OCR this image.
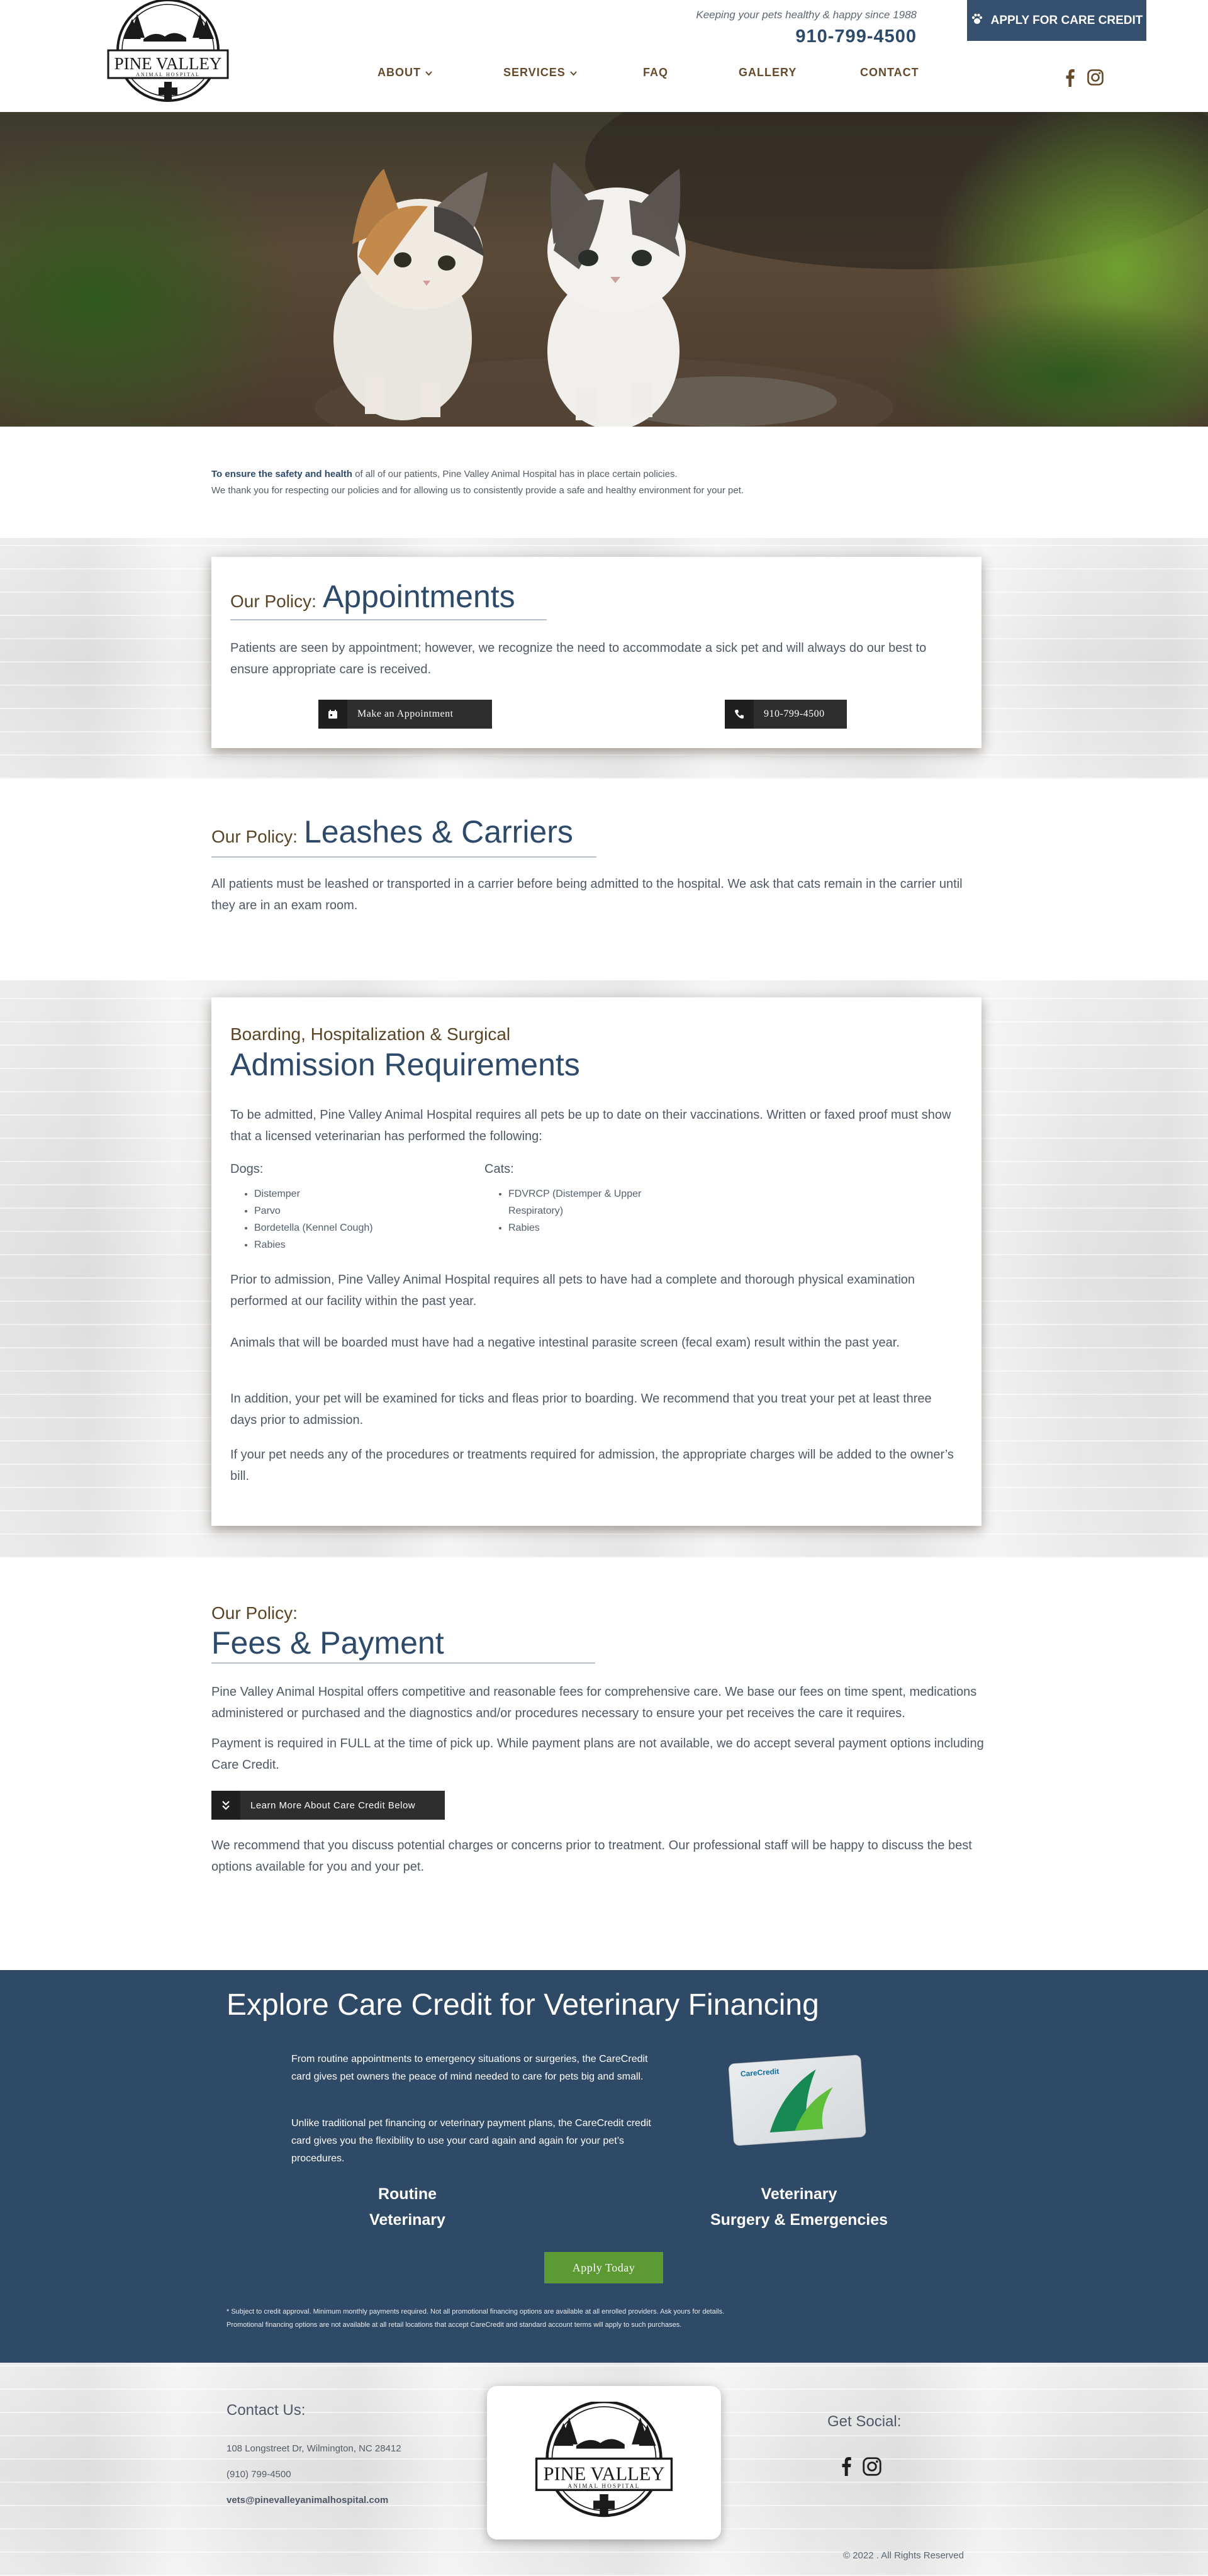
PINE VALLEY
ANIMAL HOSPITAL
Keeping your pets healthy & happy since 1988
910-799-4500
APPLY FOR CARE CREDIT
ABOUT	SERVICES	FAQ	GALLERY	CONTACT
To ensure the safety and health of all of our patients, Pine Valley Animal Hospital has in place certain policies.
We thank you for respecting our policies and for allowing us to consistently provide a safe and healthy environment for your pet.
Our Policy: Appointments
Patients are seen by appointment; however, we recognize the need to accommodate a sick pet and will always do our best to ensure appropriate care is received.
Make an Appointment	910-799-4500
Our Policy: Leashes & Carriers
All patients must be leashed or transported in a carrier before being admitted to the hospital. We ask that cats remain in the carrier until they are in an exam room.
Boarding, Hospitalization & Surgical
Admission Requirements
To be admitted, Pine Valley Animal Hospital requires all pets be up to date on their vaccinations. Written or faxed proof must show that a licensed veterinarian has performed the following:
Dogs:
• Distemper
• Parvo
• Bordetella (Kennel Cough)
• Rabies
Cats:
• FDVRCP (Distemper & Upper Respiratory)
• Rabies
Prior to admission, Pine Valley Animal Hospital requires all pets to have had a complete and thorough physical examination performed at our facility within the past year.
Animals that will be boarded must have had a negative intestinal parasite screen (fecal exam) result within the past year.
In addition, your pet will be examined for ticks and fleas prior to boarding. We recommend that you treat your pet at least three days prior to admission.
If your pet needs any of the procedures or treatments required for admission, the appropriate charges will be added to the owner’s bill.
Our Policy:
Fees & Payment
Pine Valley Animal Hospital offers competitive and reasonable fees for comprehensive care. We base our fees on time spent, medications administered or purchased and the diagnostics and/or procedures necessary to ensure your pet receives the care it requires.
Payment is required in FULL at the time of pick up. While payment plans are not available, we do accept several payment options including Care Credit.
Learn More About Care Credit Below
We recommend that you discuss potential charges or concerns prior to treatment. Our professional staff will be happy to discuss the best options available for you and your pet.
Explore Care Credit for Veterinary Financing
From routine appointments to emergency situations or surgeries, the CareCredit card gives pet owners the peace of mind needed to care for pets big and small.
Unlike traditional pet financing or veterinary payment plans, the CareCredit credit card gives you the flexibility to use your card again and again for your pet’s procedures.
CareCredit
Routine
Veterinary
Veterinary
Surgery & Emergencies
Apply Today
* Subject to credit approval. Minimum monthly payments required. Not all promotional financing options are available at all enrolled providers. Ask yours for details.
Promotional financing options are not available at all retail locations that accept CareCredit and standard account terms will apply to such purchases.
Contact Us:
108 Longstreet Dr, Wilmington, NC 28412
(910) 799-4500
vets@pinevalleyanimalhospital.com
Get Social:
© 2022 . All Rights Reserved
PINE VALLEY
ANIMAL HOSPITAL
